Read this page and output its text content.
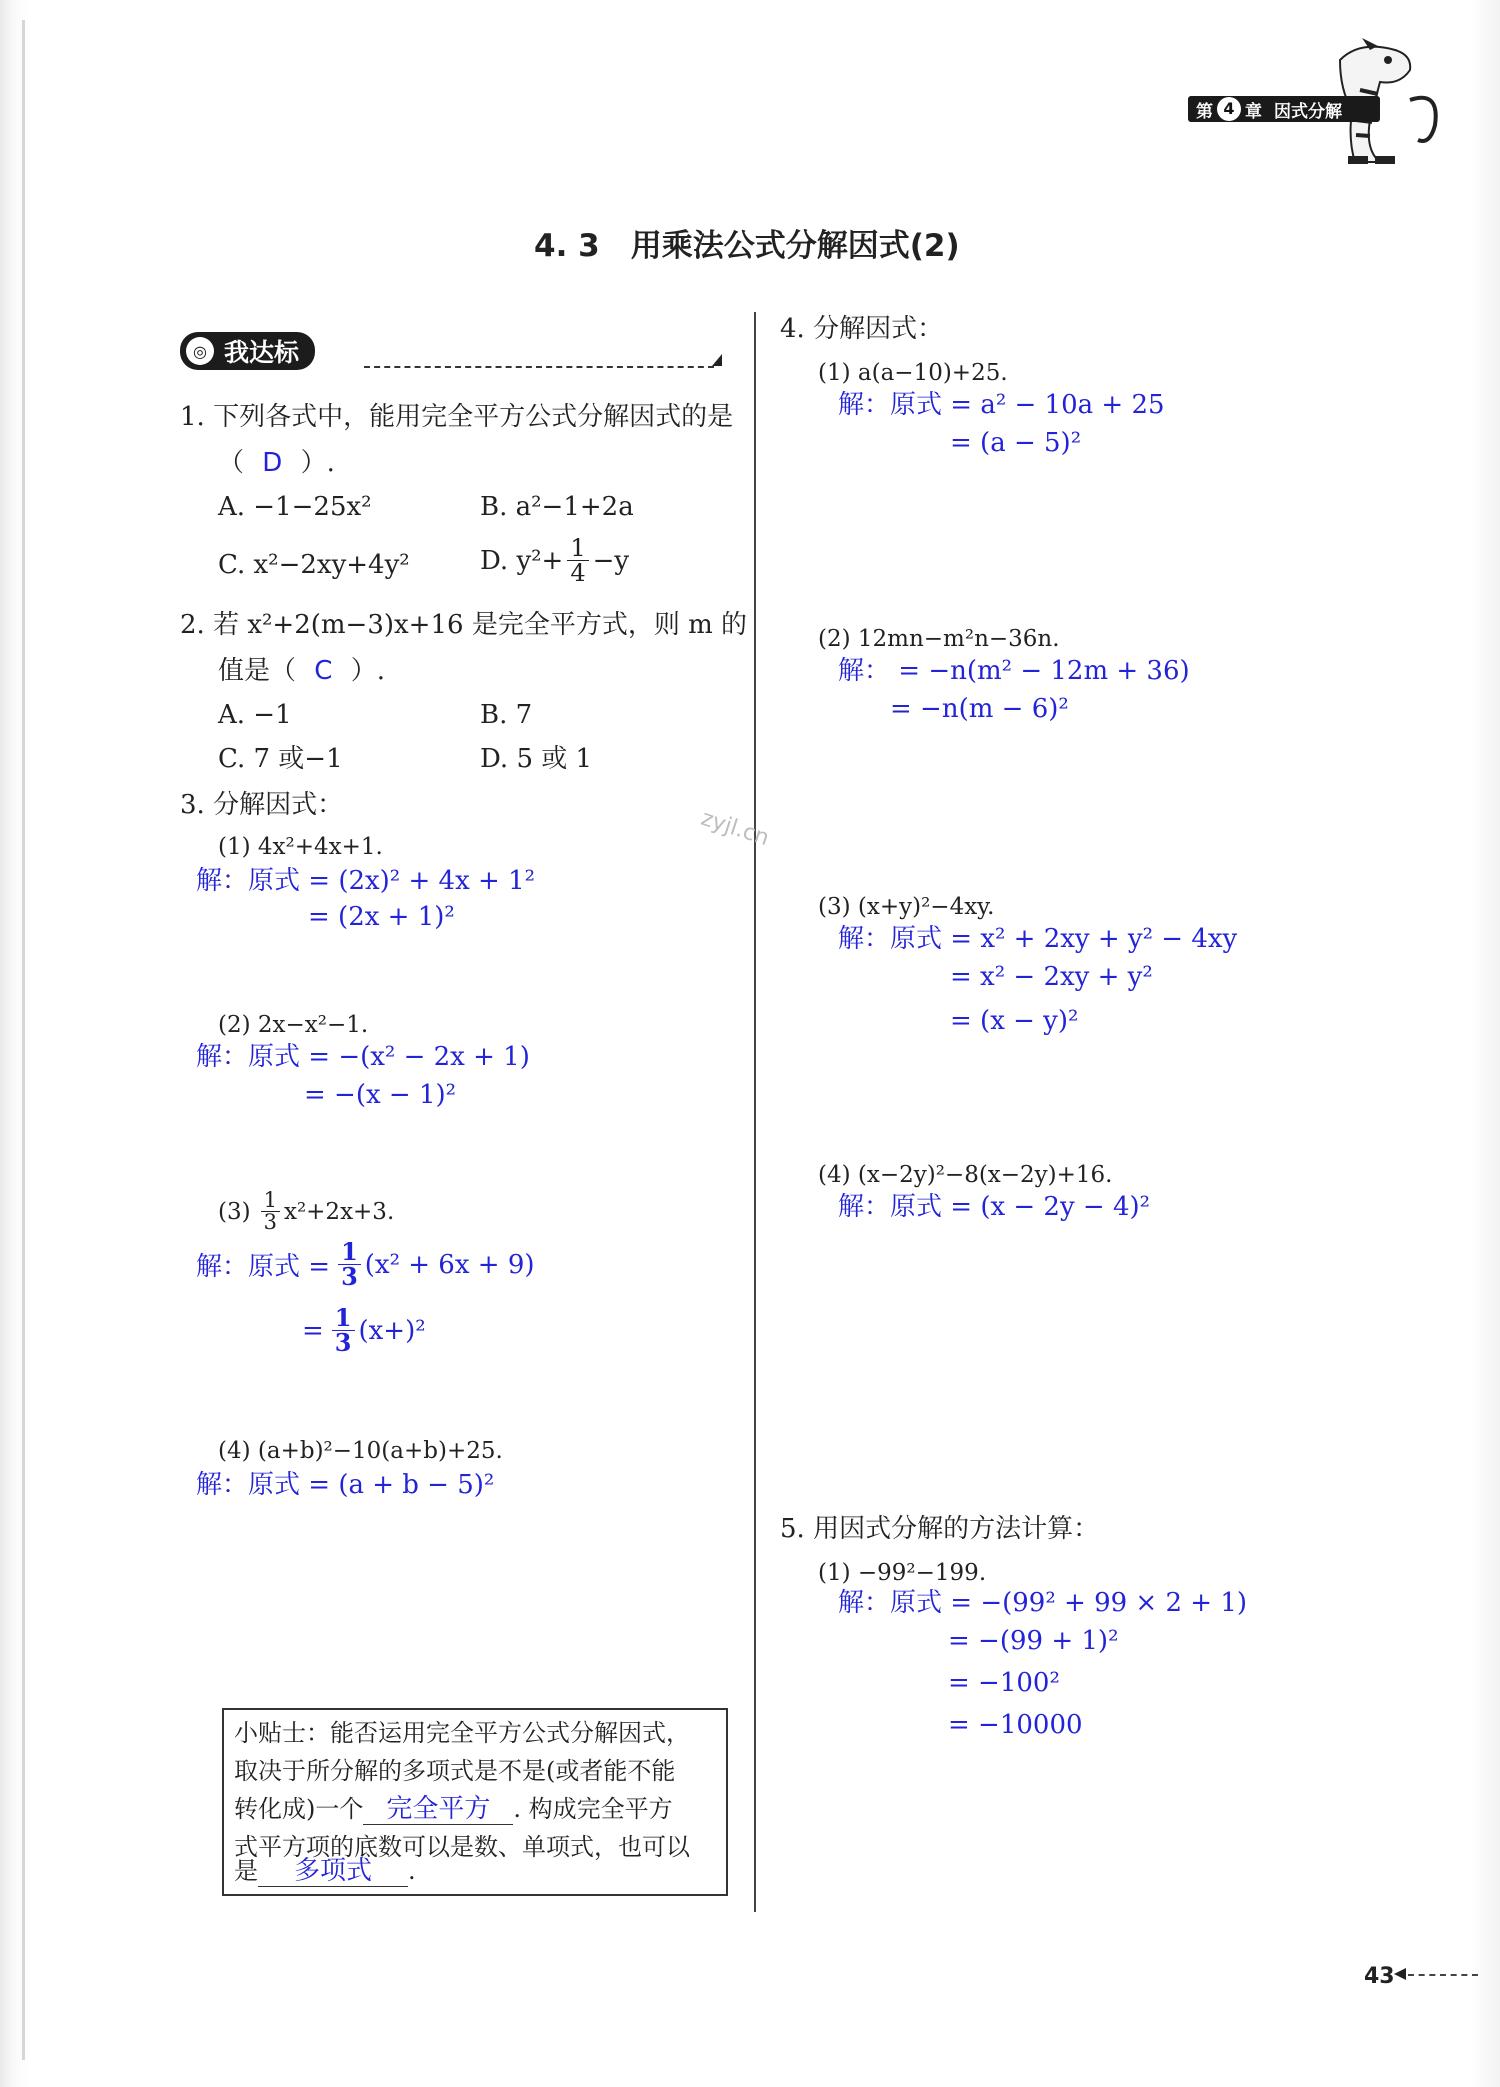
第 4 章 因式分解
4. 3　用乘法公式分解因式(2)
◎ 我达标
1. 下列各式中，能用完全平方公式分解因式的是
（ D ）.
A. −1−25x²	B. a²−1+2a
C. x²−2xy+4y²	D. $y^2+ \frac{1}{4} -y$
2. 若 x²+2(m−3)x+16 是完全平方式，则 m 的
值是（ C ）.
A. −1	B. 7
C. 7 或−1	D. 5 或 1
3. 分解因式：
(1) 4x²+4x+1.
解：原式 = (2x)² + 4x + 1²
= (2x + 1)²
(2) 2x−x²−1.
解：原式 = −(x² − 2x + 1)
= −(x − 1)²
$(3) \frac{1}{3} x^2+2x+3$.
解：原式 = $\frac{1}{3} (x^2 + 6x + 9)$
= $\frac{1}{3} (x+)^2$
(4) (a+b)²−10(a+b)+25.
解：原式 = (a + b − 5)²
小贴士：能否运用完全平方公式分解因式，
取决于所分解的多项式是不是(或者能不能
转化成)一个 完全平方 . 构成完全平方
式平方项的底数可以是数、单项式，也可以
是 多项式 .
4. 分解因式：
(1) a(a−10)+25.
解：原式 = a² − 10a + 25
= (a − 5)²
(2) 12mn−m²n−36n.
解： = −n(m² − 12m + 36)
= −n(m − 6)²
(3) (x+y)²−4xy.
解：原式 = x² + 2xy + y² − 4xy
= x² − 2xy + y²
= (x − y)²
(4) (x−2y)²−8(x−2y)+16.
解：原式 = (x − 2y − 4)²
5. 用因式分解的方法计算：
(1) −99²−199.
解：原式 = −(99² + 99 × 2 + 1)
= −(99 + 1)²
= −100²
= −10000
zyjl.cn
43
